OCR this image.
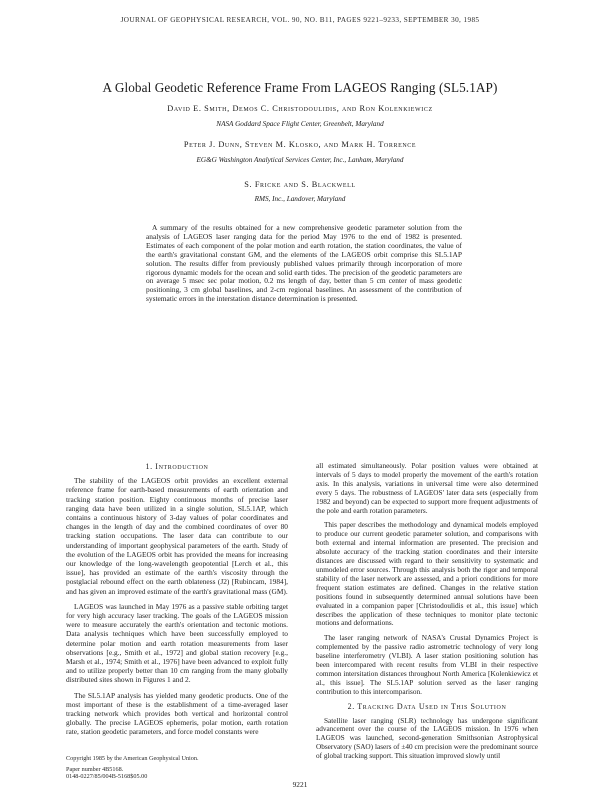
JOURNAL OF GEOPHYSICAL RESEARCH, VOL. 90, NO. B11, PAGES 9221–9233, SEPTEMBER 30, 1985
A Global Geodetic Reference Frame From LAGEOS Ranging (SL5.1AP)
David E. Smith, Demos C. Christodoulidis, and Ron Kolenkiewicz
NASA Goddard Space Flight Center, Greenbelt, Maryland
Peter J. Dunn, Steven M. Klosko, and Mark H. Torrence
EG&G Washington Analytical Services Center, Inc., Lanham, Maryland
S. Fricke and S. Blackwell
RMS, Inc., Landover, Maryland
A summary of the results obtained for a new comprehensive geodetic parameter solution from the analysis of LAGEOS laser ranging data for the period May 1976 to the end of 1982 is presented. Estimates of each component of the polar motion and earth rotation, the station coordinates, the value of the earth's gravitational constant GM, and the elements of the LAGEOS orbit comprise this SL5.1AP solution. The results differ from previously published values primarily through incorporation of more rigorous dynamic models for the ocean and solid earth tides. The precision of the geodetic parameters are on average 5 msec sec polar motion, 0.2 ms length of day, better than 5 cm center of mass geodetic positioning, 3 cm global baselines, and 2-cm regional baselines. An assessment of the contribution of systematic errors in the interstation distance determination is presented.
1. Introduction

The stability of the LAGEOS orbit provides an excellent external reference frame for earth-based measurements of earth orientation and tracking station position. Eighty continuous months of precise laser ranging data have been utilized in a single solution, SL5.1AP, which contains a continuous history of 3-day values of polar coordinates and changes in the length of day and the combined coordinates of over 80 tracking station occupations. The laser data can contribute to our understanding of important geophysical parameters of the earth. Study of the evolution of the LAGEOS orbit has provided the means for increasing our knowledge of the long-wavelength geopotential [Lerch et al., this issue], has provided an estimate of the earth's viscosity through the postglacial rebound effect on the earth oblateness (J2) [Rubincam, 1984], and has given an improved estimate of the earth's gravitational mass (GM).

LAGEOS was launched in May 1976 as a passive stable orbiting target for very high accuracy laser tracking. The goals of the LAGEOS mission were to measure accurately the earth's orientation and tectonic motions. Data analysis techniques which have been successfully employed to determine polar motion and earth rotation measurements from laser observations [e.g., Smith et al., 1972] and global station recovery [e.g., Marsh et al., 1974; Smith et al., 1976] have been advanced to exploit fully and to utilize properly better than 10 cm ranging from the many globally distributed sites shown in Figures 1 and 2.

The SL5.1AP analysis has yielded many geodetic products. One of the most important of these is the establishment of a time-averaged laser tracking network which provides both vertical and horizontal control globally. The precise LAGEOS ephemeris, polar motion, earth rotation rate, station geodetic parameters, and force model constants were

all estimated simultaneously. Polar position values were obtained at intervals of 5 days to model properly the movement of the earth's rotation axis. In this analysis, variations in universal time were also determined every 5 days. The robustness of LAGEOS' later data sets (especially from 1982 and beyond) can be expected to support more frequent adjustments of the pole and earth rotation parameters.

This paper describes the methodology and dynamical models employed to produce our current geodetic parameter solution, and comparisons with both external and internal information are presented. The precision and absolute accuracy of the tracking station coordinates and their intersite distances are discussed with regard to their sensitivity to systematic and unmodeled error sources. Through this analysis both the rigor and temporal stability of the laser network are assessed, and a priori conditions for more frequent station estimates are defined. Changes in the relative station positions found in subsequently determined annual solutions have been evaluated in a companion paper [Christodoulidis et al., this issue] which describes the application of these techniques to monitor plate tectonic motions and deformations.

The laser ranging network of NASA's Crustal Dynamics Project is complemented by the passive radio astrometric technology of very long baseline interferometry (VLBI). A laser station positioning solution has been intercompared with recent results from VLBI in their respective common intersitation distances throughout North America [Kolenkiewicz et al., this issue]. The SL5.1AP solution served as the laser ranging contribution to this intercomparison.

2. Tracking Data Used in This Solution

Satellite laser ranging (SLR) technology has undergone significant advancement over the course of the LAGEOS mission. In 1976 when LAGEOS was launched, second-generation Smithsonian Astrophysical Observatory (SAO) lasers of ±40 cm precision were the predominant source of global tracking support. This situation improved slowly until

Copyright 1985 by the American Geophysical Union.
Paper number 4B5168.
0148-0227/85/004B-5168$05.00
9221
